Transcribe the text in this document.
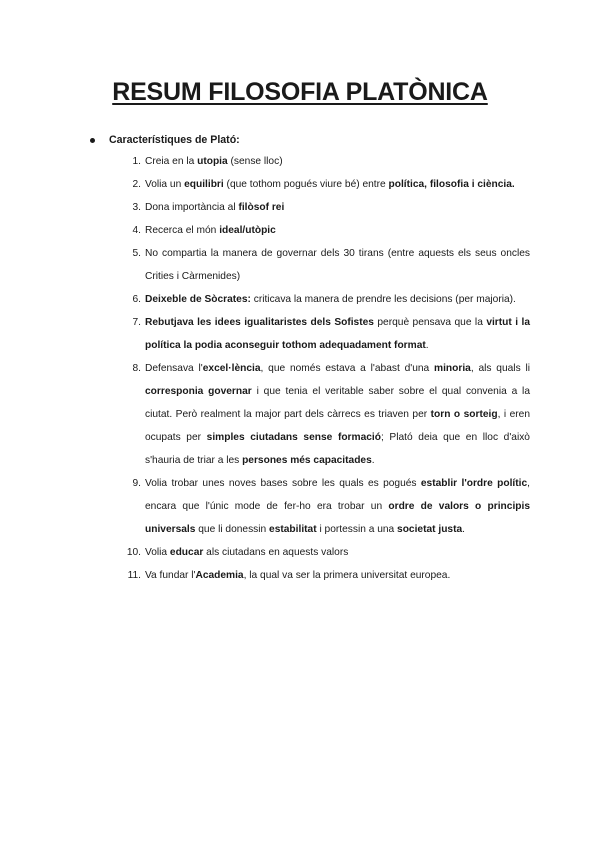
RESUM FILOSOFIA PLATÒNICA
Característiques de Plató:
1. Creia en la utopia (sense lloc)
2. Volia un equilibri (que tothom pogués viure bé) entre política, filosofia i ciència.
3. Dona importància al filòsof rei
4. Recerca el món ideal/utòpic
5. No compartia la manera de governar dels 30 tirans (entre aquests els seus oncles Crities i Càrmenides)
6. Deixeble de Sòcrates: criticava la manera de prendre les decisions (per majoria).
7. Rebutjava les idees igualitaristes dels Sofistes perquè pensava que la virtut i la política la podia aconseguir tothom adequadament format.
8. Defensava l'excel·lència, que només estava a l'abast d'una minoria, als quals li corresponia governar i que tenia el veritable saber sobre el qual convenia a la ciutat. Però realment la major part dels càrrecs es triaven per torn o sorteig, i eren ocupats per simples ciutadans sense formació; Plató deia que en lloc d'això s'hauria de triar a les persones més capacitades.
9. Volia trobar unes noves bases sobre les quals es pogués establir l'ordre polític, encara que l'únic mode de fer-ho era trobar un ordre de valors o principis universals que li donessin estabilitat i portessin a una societat justa.
10. Volia educar als ciutadans en aquests valors
11. Va fundar l'Academia, la qual va ser la primera universitat europea.
